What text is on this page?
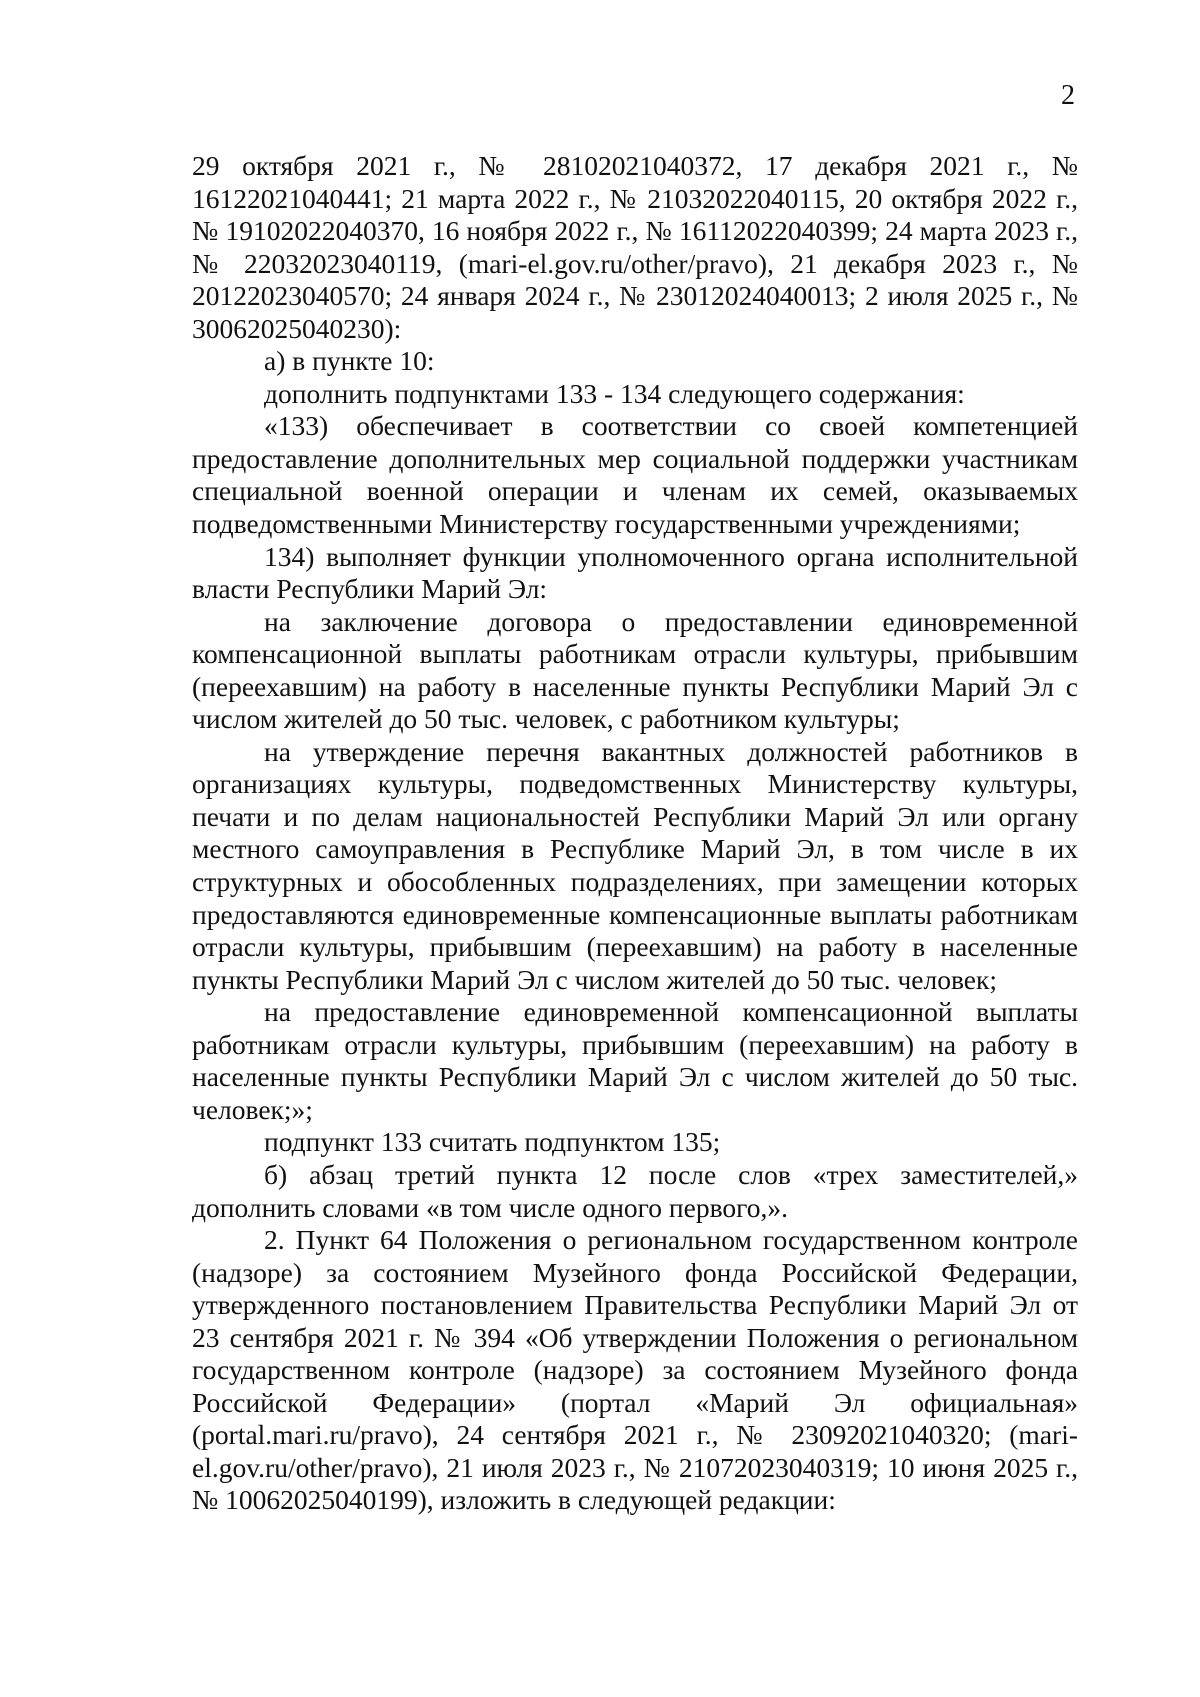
2

29 октября 2021 г., № 28102021040372, 17 декабря 2021 г., № 16122021040441; 21 марта 2022 г., № 21032022040115, 20 октября 2022 г., № 19102022040370, 16 ноября 2022 г., № 16112022040399; 24 марта 2023 г., № 22032023040119, (mari-el.gov.ru/other/pravo), 21 декабря 2023 г., № 20122023040570; 24 января 2024 г., № 23012024040013; 2 июля 2025 г., № 30062025040230):

а) в пункте 10:

дополнить подпунктами 133 - 134 следующего содержания:

«133) обеспечивает в соответствии со своей компетенцией предоставление дополнительных мер социальной поддержки участникам специальной военной операции и членам их семей, оказываемых подведомственными Министерству государственными учреждениями;

134) выполняет функции уполномоченного органа исполнительной власти Республики Марий Эл:

на заключение договора о предоставлении единовременной компенсационной выплаты работникам отрасли культуры, прибывшим (переехавшим) на работу в населенные пункты Республики Марий Эл с числом жителей до 50 тыс. человек, с работником культуры;

на утверждение перечня вакантных должностей работников в организациях культуры, подведомственных Министерству культуры, печати и по делам национальностей Республики Марий Эл или органу местного самоуправления в Республике Марий Эл, в том числе в их структурных и обособленных подразделениях, при замещении которых предоставляются единовременные компенсационные выплаты работникам отрасли культуры, прибывшим (переехавшим) на работу в населенные пункты Республики Марий Эл с числом жителей до 50 тыс. человек;

на предоставление единовременной компенсационной выплаты работникам отрасли культуры, прибывшим (переехавшим) на работу в населенные пункты Республики Марий Эл с числом жителей до 50 тыс. человек;»;

подпункт 133 считать подпунктом 135;

б) абзац третий пункта 12 после слов «трех заместителей,» дополнить словами «в том числе одного первого,».

2. Пункт 64 Положения о региональном государственном контроле (надзоре) за состоянием Музейного фонда Российской Федерации, утвержденного постановлением Правительства Республики Марий Эл от 23 сентября 2021 г. № 394 «Об утверждении Положения о региональном государственном контроле (надзоре) за состоянием Музейного фонда Российской Федерации» (портал «Марий Эл официальная» (portal.mari.ru/pravo), 24 сентября 2021 г., № 23092021040320; (mari-el.gov.ru/other/pravo), 21 июля 2023 г., № 21072023040319; 10 июня 2025 г., № 10062025040199), изложить в следующей редакции:
